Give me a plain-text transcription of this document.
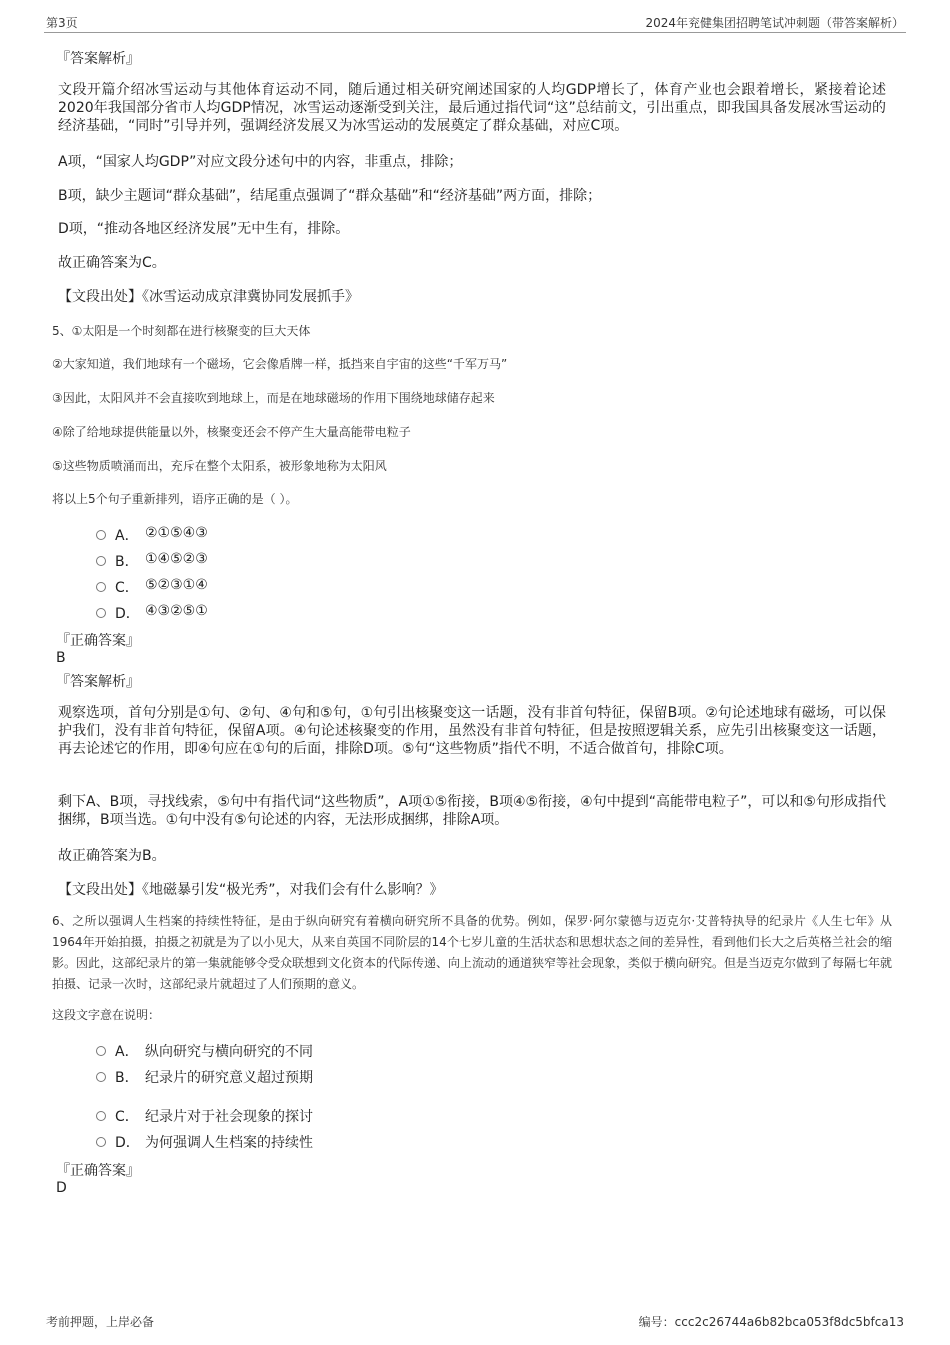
第3页	2024年兖健集团招聘笔试冲刺题（带答案解析）
『答案解析』
文段开篇介绍冰雪运动与其他体育运动不同，随后通过相关研究阐述国家的人均GDP增长了，体育产业也会跟着增长，紧接着论述2020年我国部分省市人均GDP情况，冰雪运动逐渐受到关注，最后通过指代词“这”总结前文，引出重点，即我国具备发展冰雪运动的经济基础，“同时”引导并列，强调经济发展又为冰雪运动的发展奠定了群众基础，对应C项。
A项，“国家人均GDP”对应文段分述句中的内容，非重点，排除；
B项，缺少主题词“群众基础”，结尾重点强调了“群众基础”和“经济基础”两方面，排除；
D项，“推动各地区经济发展”无中生有，排除。
故正确答案为C。
【文段出处】《冰雪运动成京津冀协同发展抓手》
5、①太阳是一个时刻都在进行核聚变的巨大天体
②大家知道，我们地球有一个磁场，它会像盾牌一样，抵挡来自宇宙的这些“千军万马”
③因此，太阳风并不会直接吹到地球上，而是在地球磁场的作用下围绕地球储存起来
④除了给地球提供能量以外，核聚变还会不停产生大量高能带电粒子
⑤这些物质喷涌而出，充斥在整个太阳系，被形象地称为太阳风
将以上5个句子重新排列，语序正确的是（ ）。
A． ②①⑤④③
B． ①④⑤②③
C． ⑤②③①④
D． ④③②⑤①
『正确答案』
B
『答案解析』
观察选项，首句分别是①句、②句、④句和⑤句，①句引出核聚变这一话题，没有非首句特征，保留B项。②句论述地球有磁场，可以保护我们，没有非首句特征，保留A项。④句论述核聚变的作用，虽然没有非首句特征，但是按照逻辑关系，应先引出核聚变这一话题，再去论述它的作用，即④句应在①句的后面，排除D项。⑤句“这些物质”指代不明，不适合做首句，排除C项。
剩下A、B项，寻找线索，⑤句中有指代词“这些物质”，A项①⑤衔接，B项④⑤衔接，④句中提到“高能带电粒子”，可以和⑤句形成指代捆绑，B项当选。①句中没有⑤句论述的内容，无法形成捆绑，排除A项。
故正确答案为B。
【文段出处】《地磁暴引发“极光秀”，对我们会有什么影响？》
6、之所以强调人生档案的持续性特征，是由于纵向研究有着横向研究所不具备的优势。例如，保罗·阿尔蒙德与迈克尔·艾普特执导的纪录片《人生七年》从1964年开始拍摄，拍摄之初就是为了以小见大，从来自英国不同阶层的14个七岁儿童的生活状态和思想状态之间的差异性，看到他们长大之后英格兰社会的缩影。因此，这部纪录片的第一集就能够令受众联想到文化资本的代际传递、向上流动的通道狭窄等社会现象，类似于横向研究。但是当迈克尔做到了每隔七年就拍摄、记录一次时，这部纪录片就超过了人们预期的意义。
这段文字意在说明：
A． 纵向研究与横向研究的不同
B． 纪录片的研究意义超过预期
C． 纪录片对于社会现象的探讨
D． 为何强调人生档案的持续性
『正确答案』
D
考前押题，上岸必备	编号：ccc2c26744a6b82bca053f8dc5bfca13
